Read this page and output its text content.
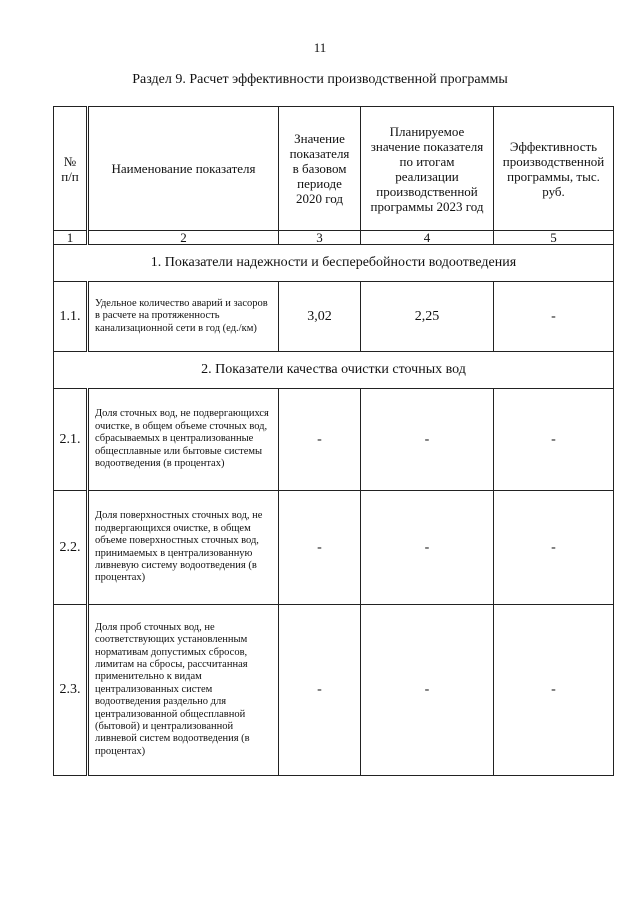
11
Раздел 9. Расчет эффективности производственной программы
№ п/п	Наименование показателя	Значение показателя в базовом периоде 2020 год	Планируемое значение показателя по итогам реализации производственной программы 2023 год	Эффективность производственной программы, тыс. руб.
1	2	3	4	5
1. Показатели надежности и бесперебойности водоотведения				
1.1.	Удельное количество аварий и засоров в расчете на протяженность канализационной сети в год (ед./км)	3,02	2,25	-
2. Показатели качества очистки сточных вод				
2.1.	Доля сточных вод, не подвергающихся очистке, в общем объеме сточных вод, сбрасываемых в централизованные общесплавные или бытовые системы водоотведения (в процентах)	-	-	-
2.2.	Доля поверхностных сточных вод, не подвергающихся очистке, в общем объеме поверхностных сточных вод, принимаемых в централизованную ливневую систему водоотведения (в процентах)	-	-	-
2.3.	Доля проб сточных вод, не соответствующих установленным нормативам допустимых сбросов, лимитам на сбросы, рассчитанная применительно к видам централизованных систем водоотведения раздельно для централизованной общесплавной (бытовой) и централизованной ливневой систем водоотведения (в процентах)	-	-	-
